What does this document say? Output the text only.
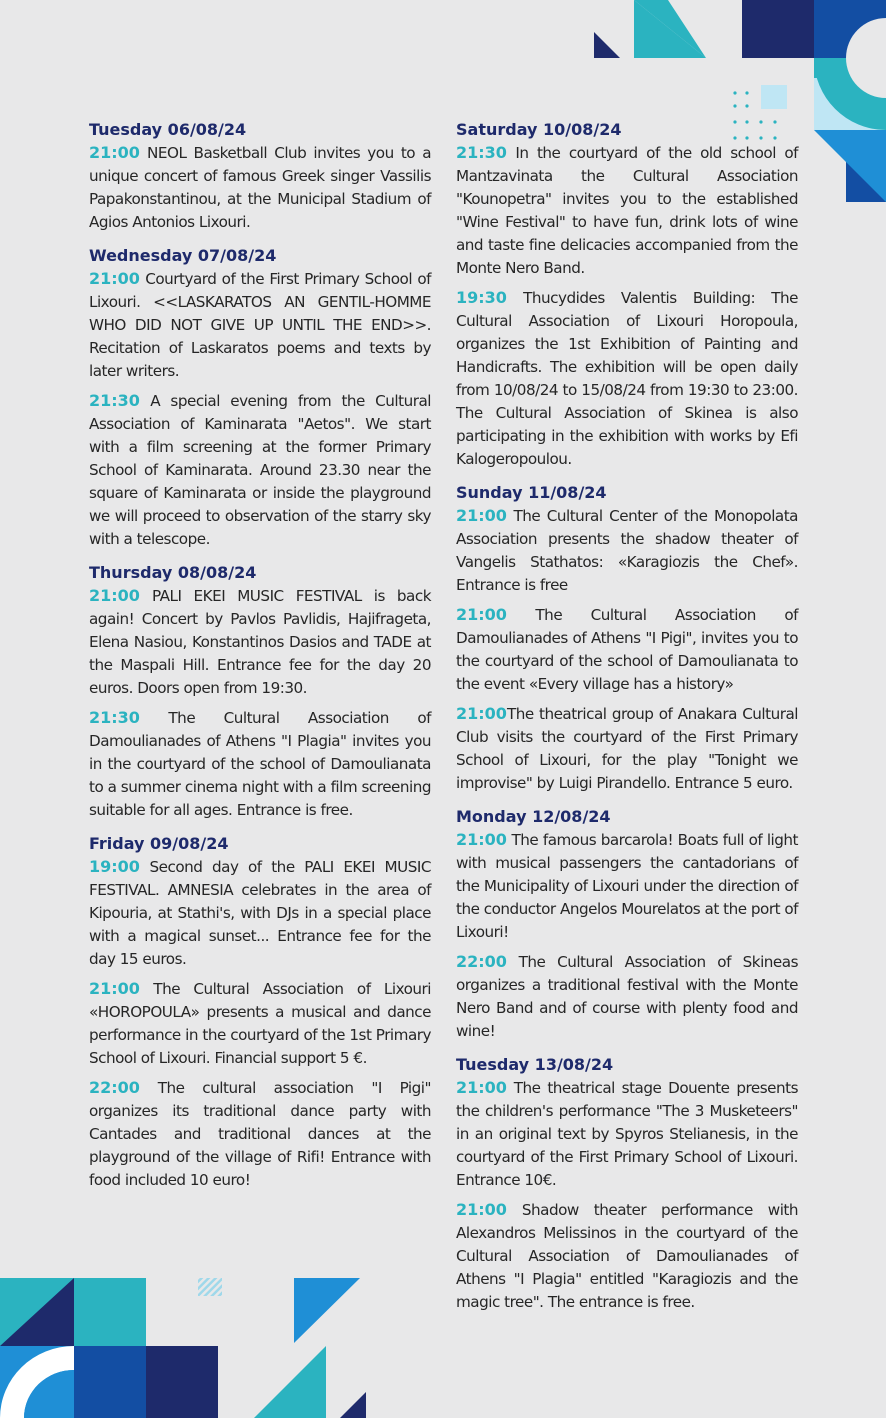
Tuesday 06/08/24

21:00 NEOL Basketball Club invites you to a unique concert of famous Greek singer Vassilis Papakonstantinou, at the Municipal Stadium of Agios Antonios Lixouri.

Wednesday 07/08/24

21:00 Courtyard of the First Primary School of Lixouri. <<LASKARATOS AN GENTIL-HOMME WHO DID NOT GIVE UP UNTIL THE END>>. Recitation of Laskaratos poems and texts by later writers.

21:30 A special evening from the Cultural Association of Kaminarata "Aetos". We start with a film screening at the former Primary School of Kaminarata. Around 23.30 near the square of Kaminarata or inside the playground we will proceed to observation of the starry sky with a telescope.

Thursday 08/08/24

21:00 PALI EKEI MUSIC FESTIVAL is back again! Concert by Pavlos Pavlidis, Hajifrageta, Elena Nasiou, Konstantinos Dasios and TADE at the Maspali Hill. Entrance fee for the day 20 euros. Doors open from 19:30.

21:30 The Cultural Association of Damoulianades of Athens "I Plagia" invites you in the courtyard of the school of Damoulianata to a summer cinema night with a film screening suitable for all ages. Entrance is free.

Friday 09/08/24

19:00 Second day of the PALI EKEI MUSIC FESTIVAL. AMNESIA celebrates in the area of Kipouria, at Stathi's, with DJs in a special place with a magical sunset... Entrance fee for the day 15 euros.

21:00 The Cultural Association of Lixouri «HOROPOULA» presents a musical and dance performance in the courtyard of the 1st Primary School of Lixouri. Financial support 5 €.

22:00 The cultural association "I Pigi" organizes its traditional dance party with Cantades and traditional dances at the playground of the village of Rifi! Entrance with food included 10 euro!

Saturday 10/08/24

21:30 In the courtyard of the old school of Mantzavinata the Cultural Association "Kounopetra" invites you to the established "Wine Festival" to have fun, drink lots of wine and taste fine delicacies accompanied from the Monte Nero Band.

19:30 Thucydides Valentis Building: The Cultural Association of Lixouri Horopoula, organizes the 1st Exhibition of Painting and Handicrafts. The exhibition will be open daily from 10/08/24 to 15/08/24 from 19:30 to 23:00. The Cultural Association of Skinea is also participating in the exhibition with works by Efi Kalogeropoulou.

Sunday 11/08/24

21:00 The Cultural Center of the Monopolata Association presents the shadow theater of Vangelis Stathatos: «Karagiozis the Chef». Entrance is free

21:00 The Cultural Association of Damoulianades of Athens "I Pigi", invites you to the courtyard of the school of Damoulianata to the event «Every village has a history»

21:00The theatrical group of Anakara Cultural Club visits the courtyard of the First Primary School of Lixouri, for the play "Tonight we improvise" by Luigi Pirandello. Entrance 5 euro.

Monday 12/08/24

21:00 The famous barcarola! Boats full of light with musical passengers the cantadorians of the Municipality of Lixouri under the direction of the conductor Angelos Mourelatos at the port of Lixouri!

22:00 The Cultural Association of Skineas organizes a traditional festival with the Monte Nero Band and of course with plenty food and wine!

Tuesday 13/08/24

21:00 The theatrical stage Douente presents the children's performance "The 3 Musketeers" in an original text by Spyros Stelianesis, in the courtyard of the First Primary School of Lixouri. Entrance 10€.

21:00 Shadow theater performance with Alexandros Melissinos in the courtyard of the Cultural Association of Damoulianades of Athens "I Plagia" entitled "Karagiozis and the magic tree". The entrance is free.
